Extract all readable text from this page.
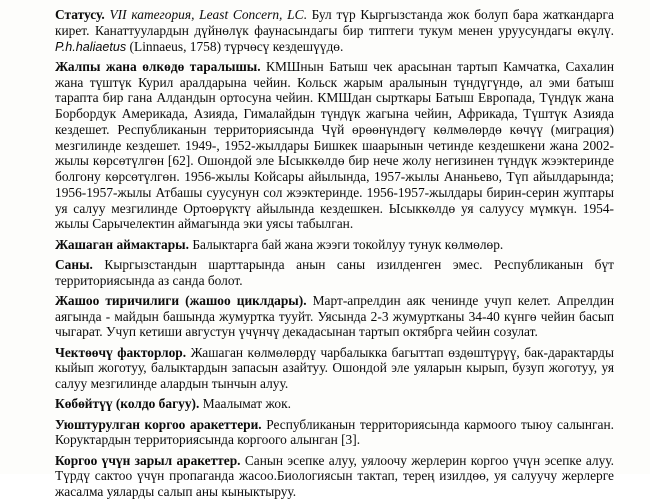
Статусу. VII категория, Least Concern, LC. Бул түр Кыргызстанда жок болуп бара жаткандарга кирет. Канаттуулардын дүйнөлүк фаунасындагы бир типтеги тукум менен уруусундагы өкүлү. P.h.haliaetus (Linnaeus, 1758) түрчөсү кездешүүдө.

Жалпы жана өлкөдө таралышы. КМШнын Батыш чек арасынан тартып Камчатка, Сахалин жана түштүк Курил аралдарына чейин. Кольск жарым аралынын түндүгүндө, ал эми батыш тарапта бир гана Алдандын ортосуна чейин. КМШдан сырткары Батыш Европада, Түндүк жана Борбордук Америкада, Азияда, Гималайдын түндүк жагына чейин, Африкада, Түштүк Азияда кездешет. Республиканын территориясында Чүй өрөөнүндөгү көлмөлөрдө көчүү (миграция) мезгилинде кездешет. 1949-, 1952-жылдары Бишкек шаарынын четинде кездешкени жана 2002-жылы көрсөтүлгөн [62]. Ошондой эле Ысыккөлдө бир нече жолу негизинен түндүк жээктеринде болгону көрсөтүлгөн. 1956-жылы Койсары айылында, 1957-жылы Ананьево, Түп айылдарында; 1956-1957-жылы Атбашы суусунун сол жээктеринде. 1956-1957-жылдары бирин-серин жуптары уя салуу мезгилинде Ортоөрүктү айылында кездешкен. Ысыккөлдө уя салуусу мүмкүн. 1954-жылы Сарычелектин аймагында эки уясы табылган.

Жашаган аймактары. Балыктарга бай жана жээги токойлуу тунук көлмөлөр.

Саны. Кыргызстандын шарттарында анын саны изилденген эмес. Республиканын бүт территориясында аз санда болот.

Жашоо тиричилиги (жашоо циклдары). Март-апрелдин аяк ченинде учуп келет. Апрелдин аягында - майдын башында жумуртка тууйт. Уясында 2-3 жумуртканы 34-40 күнгө чейин басып чыгарат. Учуп кетиши августун үчүнчү декадасынан тартып октябрга чейин созулат.

Чектөөчү факторлор. Жашаган көлмөлөрдү чарбалыкка багыттап өздөштүрүү, бак-дарактарды кыйып жоготуу, балыктардын запасын азайтуу. Ошондой эле уяларын кырып, бузуп жоготуу, уя салуу мезгилинде алардын тынчын алуу.

Көбөйтүү (колдо багуу). Маалымат жок.

Уюштурулган коргоо аракеттери. Республиканын территориясында кармоого тыюу салынган. Коруктардын территориясында коргоого алынган [3].

Коргоо үчүн зарыл аракеттер. Санын эсепке алуу, уялоочу жерлерин коргоо үчүн эсепке алуу. Түрдү сактоо үчүн пропаганда жасоо.Биологиясын тактап, терең изилдөө, уя салуучу жерлерге жасалма уяларды салып аны кыныктыруу.
